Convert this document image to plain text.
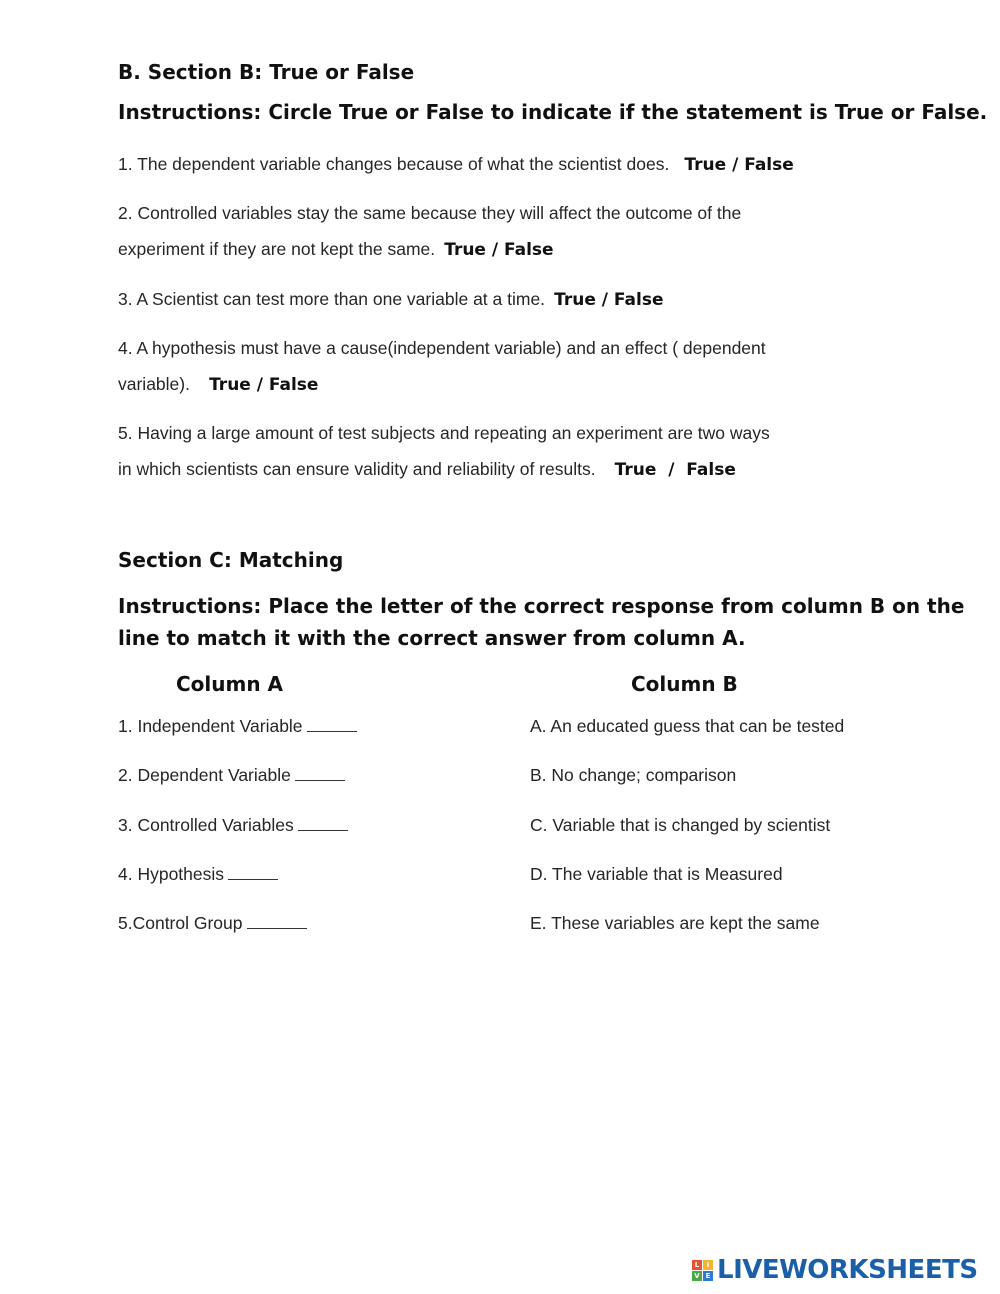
B. Section B: True or False
Instructions: Circle True or False to indicate if the statement is True or False.
1. The dependent variable changes because of what the scientist does. True / False
2. Controlled variables stay the same because they will affect the outcome of the
experiment if they are not kept the same. True / False
3. A Scientist can test more than one variable at a time. True / False
4. A hypothesis must have a cause(independent variable) and an effect ( dependent
variable). True / False
5. Having a large amount of test subjects and repeating an experiment are two ways
in which scientists can ensure validity and reliability of results. True  /  False
Section C: Matching
Instructions: Place the letter of the correct response from column B on the
line to match it with the correct answer from column A.
Column A	Column B
1. Independent Variable
2. Dependent Variable
3. Controlled Variables
4. Hypothesis
5.Control Group
A. An educated guess that can be tested
B. No change; comparison
C. Variable that is changed by scientist
D. The variable that is Measured
E. These variables are kept the same
L	I
V E LIVEWORKSHEETS
